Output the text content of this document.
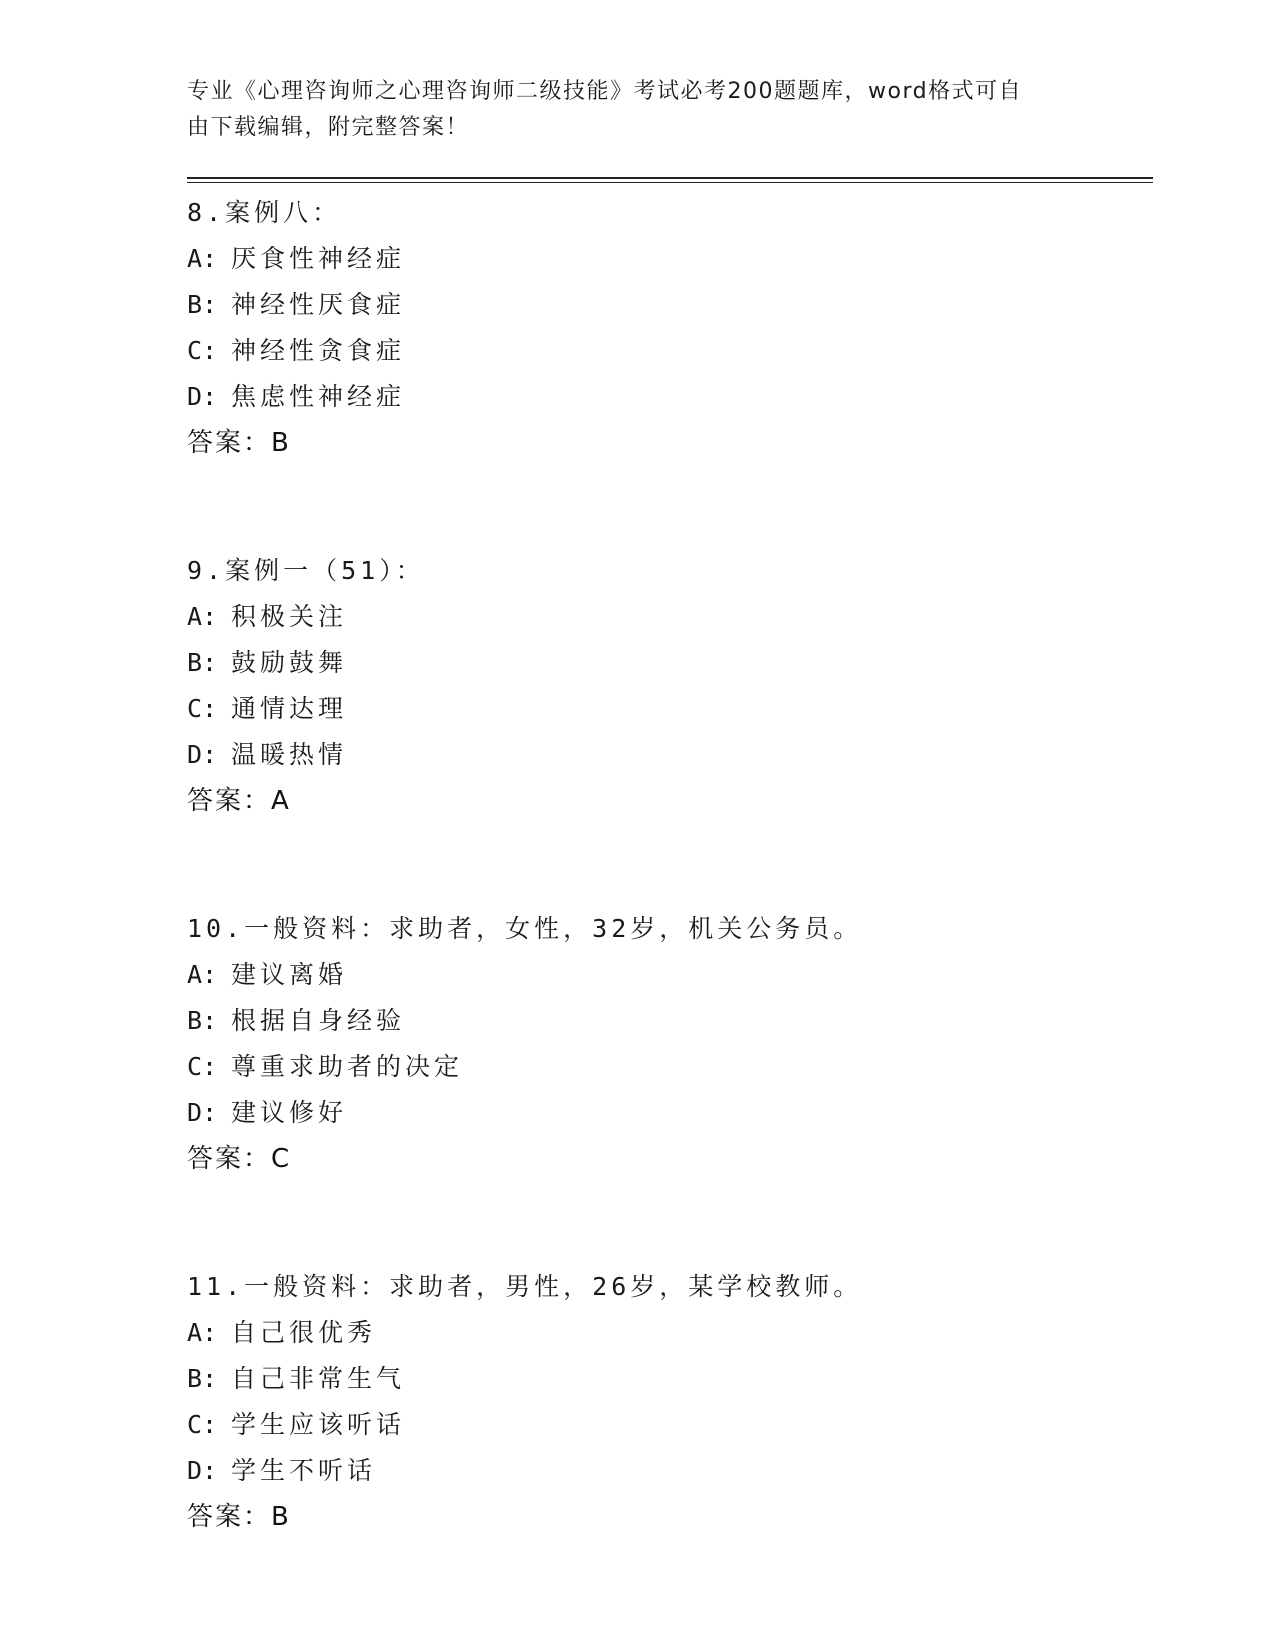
专业《心理咨询师之心理咨询师二级技能》考试必考200题题库，word格式可自
由下载编辑，附完整答案！
8.案例八：
A: 厌食性神经症
B: 神经性厌食症
C: 神经性贪食症
D: 焦虑性神经症
答案：B
9.案例一（51）：
A: 积极关注
B: 鼓励鼓舞
C: 通情达理
D: 温暖热情
答案：A
10.一般资料：求助者，女性，32岁，机关公务员。
A: 建议离婚
B: 根据自身经验
C: 尊重求助者的决定
D: 建议修好
答案：C
11.一般资料：求助者，男性，26岁，某学校教师。
A: 自己很优秀
B: 自己非常生气
C: 学生应该听话
D: 学生不听话
答案：B
